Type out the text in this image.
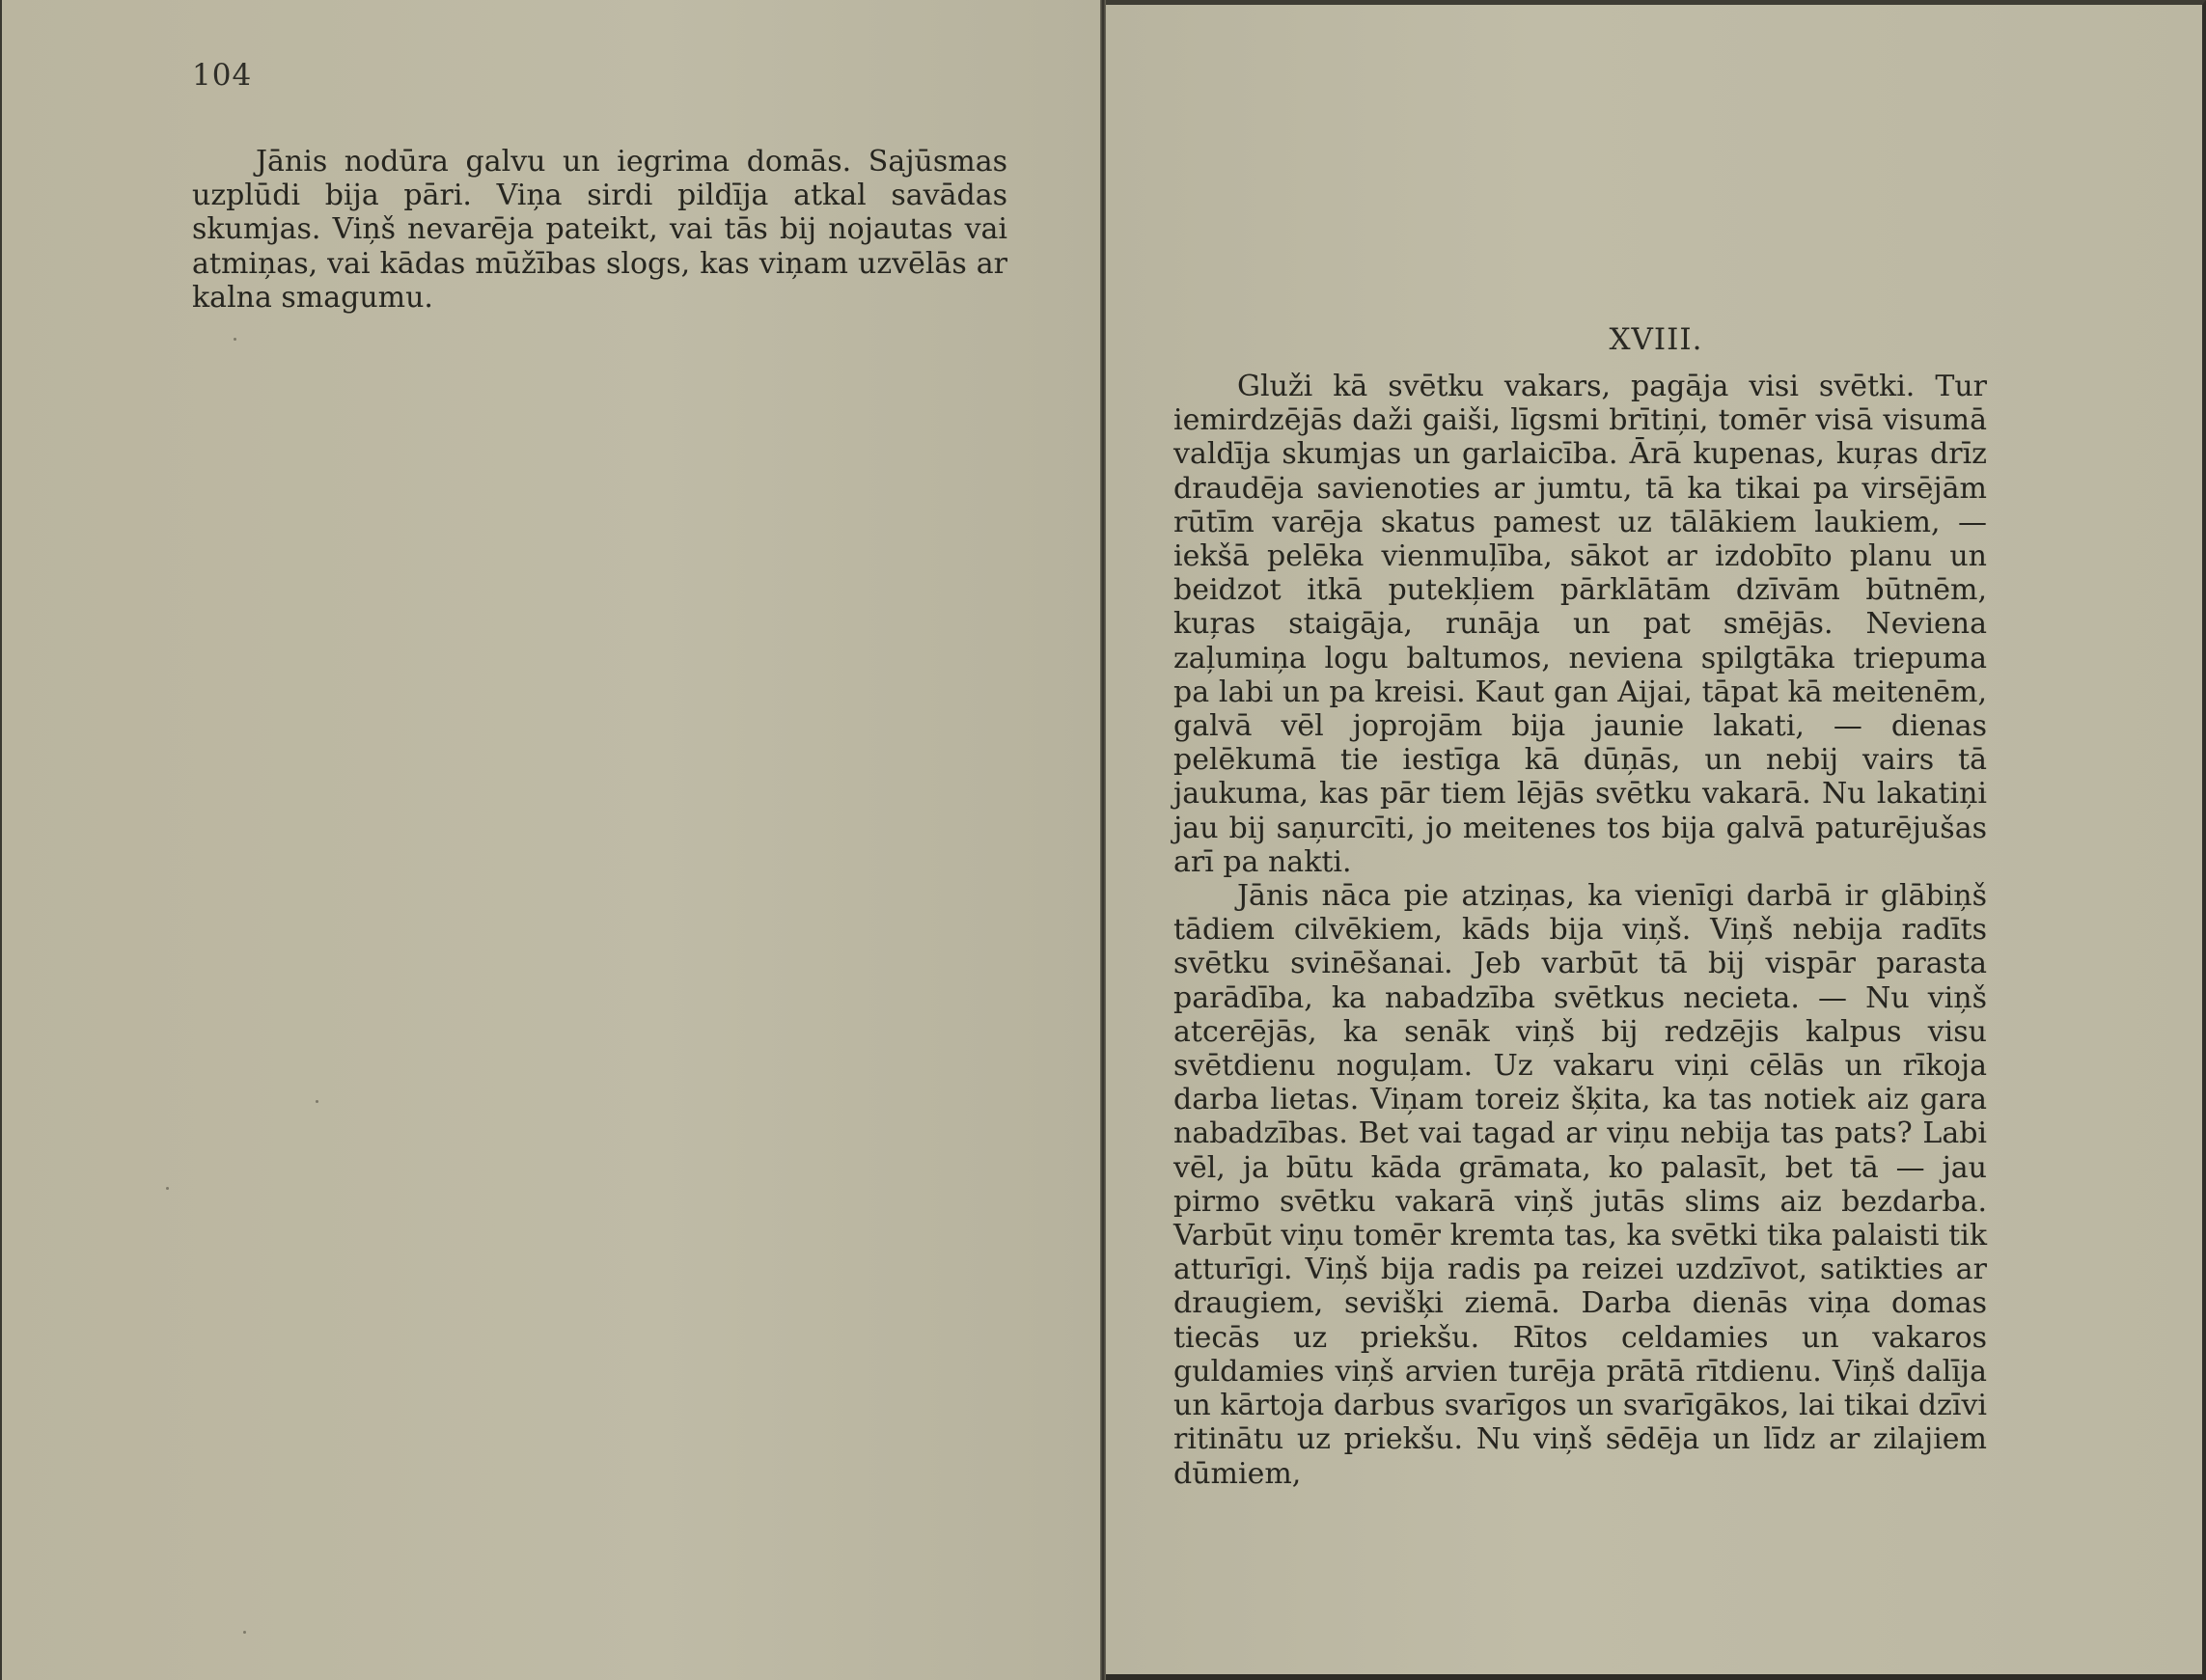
104

Jānis nodūra galvu un iegrima domās. Sajūsmas uzplūdi bija pāri. Viņa sirdi pildīja atkal savādas skumjas. Viņš nevarēja pateikt, vai tās bij nojautas vai atmiņas, vai kādas mūžības slogs, kas viņam uzvēlās ar kalna smagumu.

XVIII.

Gluži kā svētku vakars, pagāja visi svētki. Tur iemirdzējās daži gaiši, līgsmi brītiņi, tomēr visā visumā valdīja skumjas un garlaicība. Ārā kupenas, kuŗas drīz draudēja savienoties ar jumtu, tā ka tikai pa virsējām rūtīm varēja skatus pamest uz tālākiem laukiem, — iekšā pelēka vienmuļība, sākot ar izdobīto planu un beidzot itkā putekļiem pārklātām dzīvām būtnēm, kuŗas staigāja, runāja un pat smējās. Neviena zaļumiņa logu baltumos, neviena spilgtāka triepuma pa labi un pa kreisi. Kaut gan Aijai, tāpat kā meitenēm, galvā vēl joprojām bija jaunie lakati, — dienas pelēkumā tie iestīga kā dūņās, un nebij vairs tā jaukuma, kas pār tiem lējās svētku vakarā. Nu lakatiņi jau bij saņurcīti, jo meitenes tos bija galvā paturējušas arī pa nakti.

Jānis nāca pie atziņas, ka vienīgi darbā ir glābiņš tādiem cilvēkiem, kāds bija viņš. Viņš nebija radīts svētku svinēšanai. Jeb varbūt tā bij vispār parasta parādība, ka nabadzība svētkus necieta. — Nu viņš atcerējās, ka senāk viņš bij redzējis kalpus visu svētdienu noguļam. Uz vakaru viņi cēlās un rīkoja darba lietas. Viņam toreiz šķita, ka tas notiek aiz gara nabadzības. Bet vai tagad ar viņu nebija tas pats? Labi vēl, ja būtu kāda grāmata, ko palasīt, bet tā — jau pirmo svētku vakarā viņš jutās slims aiz bezdarba. Varbūt viņu tomēr kremta tas, ka svētki tika palaisti tik atturīgi. Viņš bija radis pa reizei uzdzīvot, satikties ar draugiem, sevišķi ziemā. Darba dienās viņa domas tiecās uz priekšu. Rītos celdamies un vakaros guldamies viņš arvien turēja prātā rītdienu. Viņš dalīja un kārtoja darbus svarīgos un svarīgākos, lai tikai dzīvi ritinātu uz priekšu. Nu viņš sēdēja un līdz ar zilajiem dūmiem,
